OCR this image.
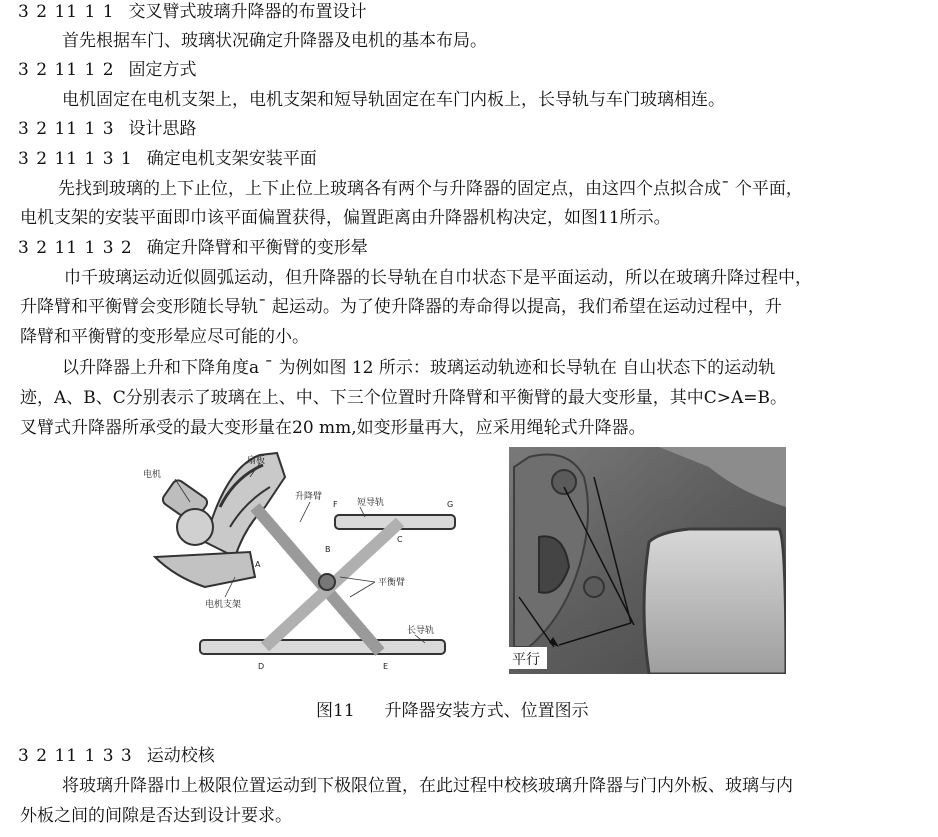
3 2 11 1 1 交叉臂式玻璃升降器的布置设计
首先根据车门、玻璃状况确定升降器及电机的基本布局。
3 2 11 1 2 固定方式
电机固定在电机支架上，电机支架和短导轨固定在车门内板上，长导轨与车门玻璃相连。
3 2 11 1 3 设计思路
3 2 11 1 3 1 确定电机支架安装平面
先找到玻璃的上下止位，上下止位上玻璃各有两个与升降器的固定点，由这四个点拟合成¯ 个平面，
电机支架的安装平面即巾该平面偏置获得，偏置距离由升降器机构决定，如图11所示。
3 2 11 1 3 2 确定升降臂和平衡臂的变形晕
巾千玻璃运动近似圆弧运动，但升降器的长导轨在自巾状态下是平面运动，所以在玻璃升降过程中，
升降臂和平衡臂会变形随长导轨¯ 起运动。为了使升降器的寿命得以提高，我们希望在运动过程中，升
降臂和平衡臂的变形晕应尽可能的小。
以升降器上升和下降角度a ¯ 为例如图 12 所示：玻璃运动轨迹和长导轨在 自山状态下的运动轨
迹，A、B、C分别表示了玻璃在上、中、下三个位置时升降臂和平衡臂的最大变形量，其中C>A=B。
叉臂式升降器所承受的最大变形量在20 mm,如变形量再大，应采用绳轮式升降器。
电机
扇板
升降臂
短导轨
平衡臂
电机支架
长导轨
F	G
B
C
A
D	E	平行
图11 升降器安装方式、位置图示
3 2 11 1 3 3 运动校核
将玻璃升降器巾上极限位置运动到下极限位置，在此过程中校核玻璃升降器与门内外板、玻璃与内
外板之间的间隙是否达到设计要求。
